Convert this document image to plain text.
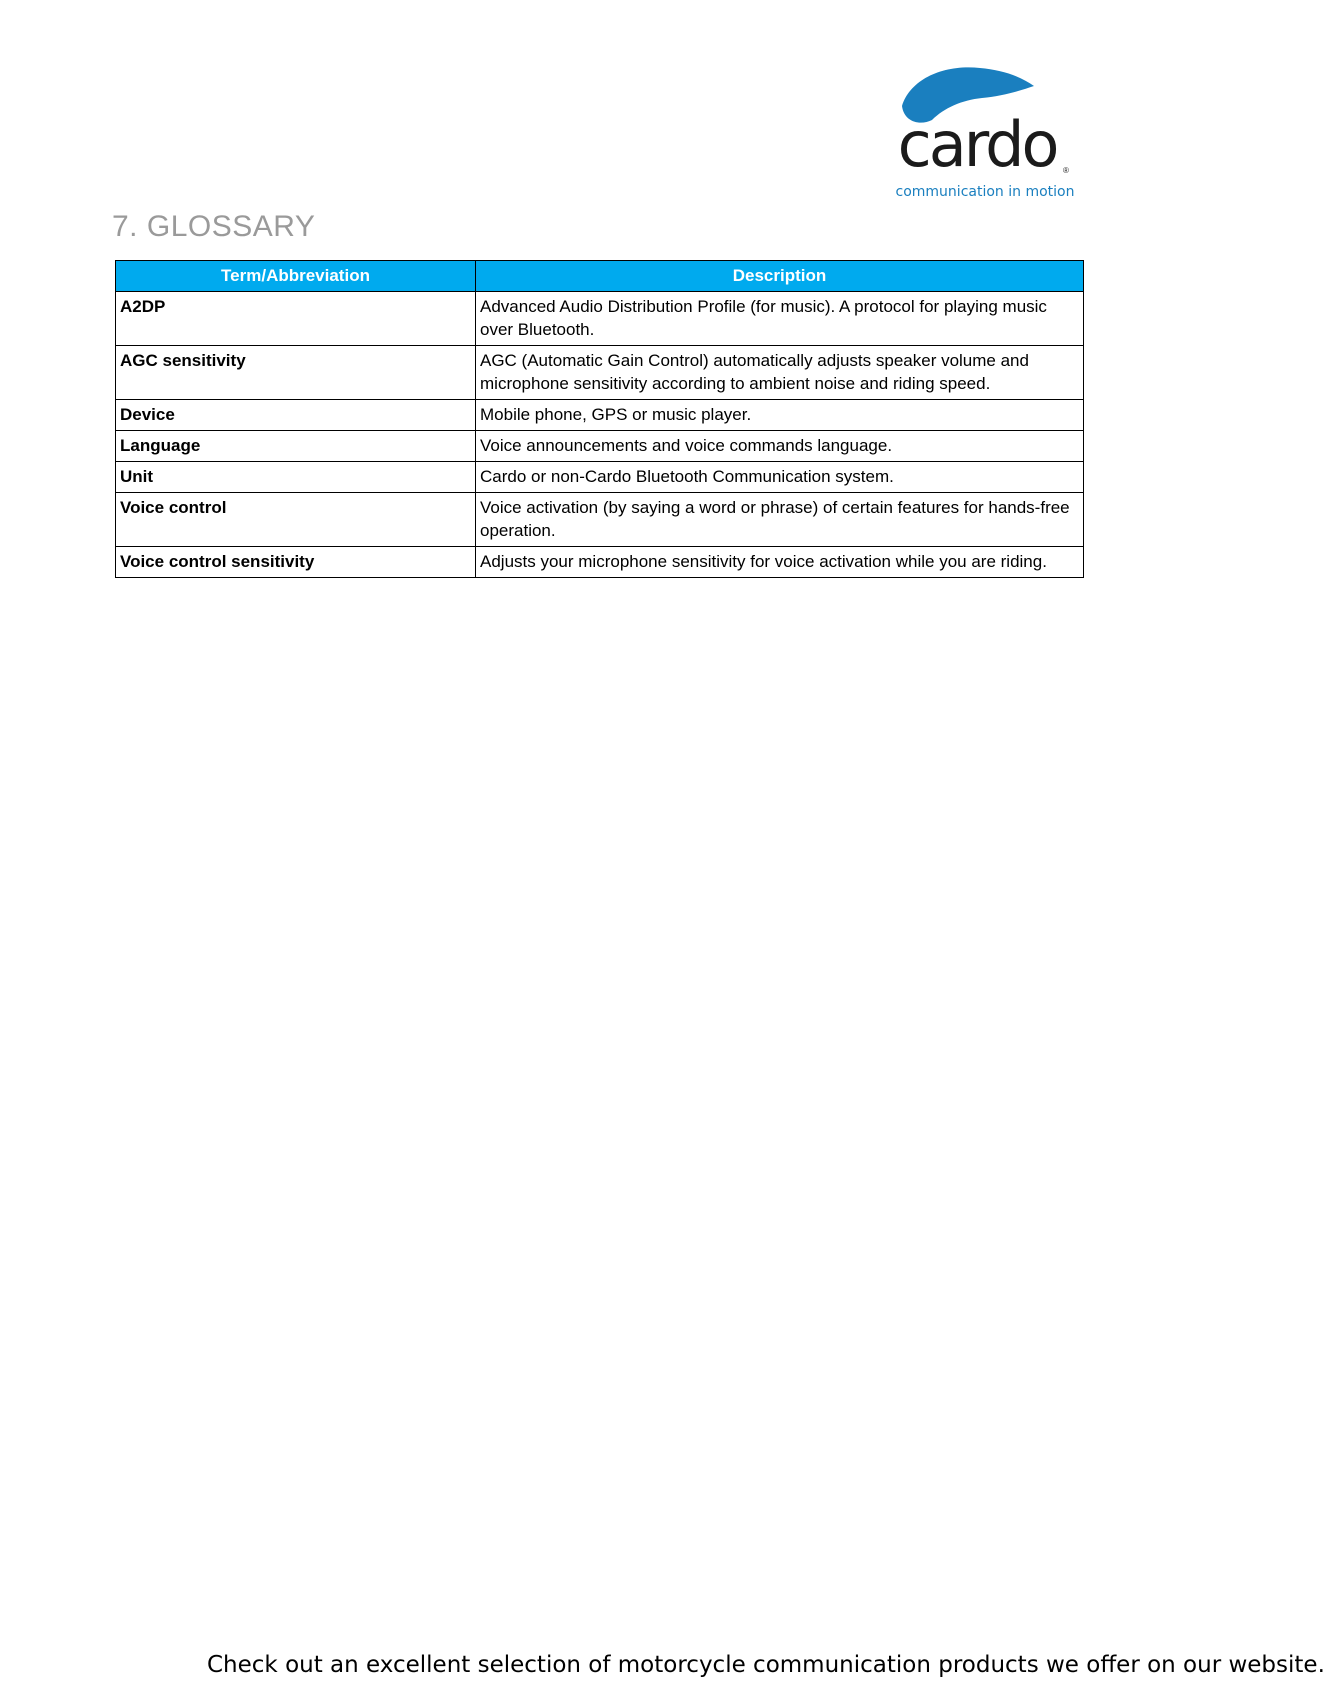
cardo ®
communication in motion
7. GLOSSARY
Term/Abbreviation	Description
A2DP	Advanced Audio Distribution Profile (for music). A protocol for playing music over Bluetooth.
AGC sensitivity	AGC (Automatic Gain Control) automatically adjusts speaker volume and microphone sensitivity according to ambient noise and riding speed.
Device	Mobile phone, GPS or music player.
Language	Voice announcements and voice commands language.
Unit	Cardo or non-Cardo Bluetooth Communication system.
Voice control	Voice activation (by saying a word or phrase) of certain features for hands-free operation.
Voice control sensitivity	Adjusts your microphone sensitivity for voice activation while you are riding.
Check out an excellent selection of motorcycle communication products we offer on our website.
